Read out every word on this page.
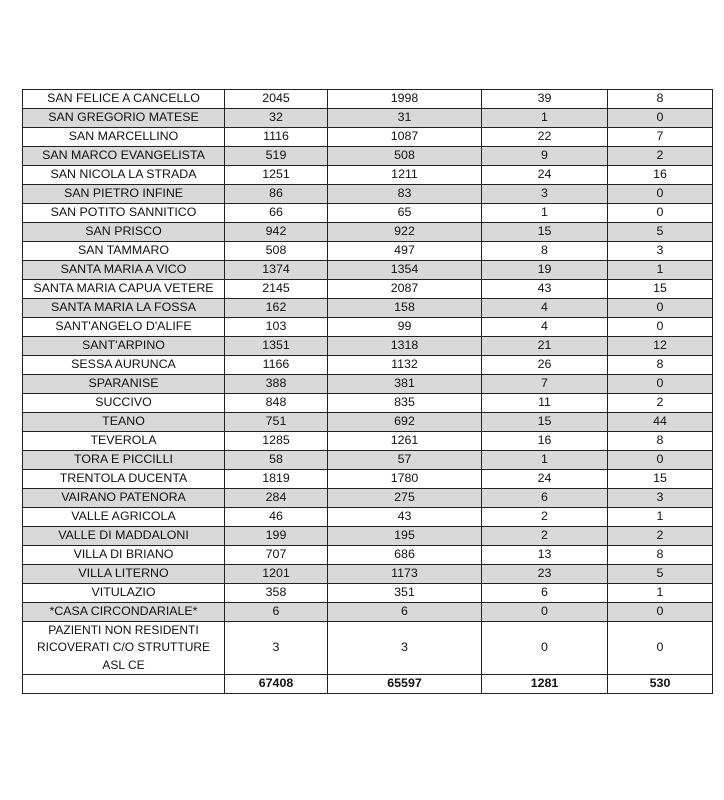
SAN FELICE A CANCELLO	2045	1998	39	8
SAN GREGORIO MATESE	32	31	1	0
SAN MARCELLINO	1116	1087	22	7
SAN MARCO EVANGELISTA	519	508	9	2
SAN NICOLA LA STRADA	1251	1211	24	16
SAN PIETRO INFINE	86	83	3	0
SAN POTITO SANNITICO	66	65	1	0
SAN PRISCO	942	922	15	5
SAN TAMMARO	508	497	8	3
SANTA MARIA A VICO	1374	1354	19	1
SANTA MARIA CAPUA VETERE	2145	2087	43	15
SANTA MARIA LA FOSSA	162	158	4	0
SANT'ANGELO D'ALIFE	103	99	4	0
SANT'ARPINO	1351	1318	21	12
SESSA AURUNCA	1166	1132	26	8
SPARANISE	388	381	7	0
SUCCIVO	848	835	11	2
TEANO	751	692	15	44
TEVEROLA	1285	1261	16	8
TORA E PICCILLI	58	57	1	0
TRENTOLA DUCENTA	1819	1780	24	15
VAIRANO PATENORA	284	275	6	3
VALLE AGRICOLA	46	43	2	1
VALLE DI MADDALONI	199	195	2	2
VILLA DI BRIANO	707	686	13	8
VILLA LITERNO	1201	1173	23	5
VITULAZIO	358	351	6	1
*CASA CIRCONDARIALE*	6	6	0	0
PAZIENTI NON RESIDENTI RICOVERATI C/O STRUTTURE ASL CE	3	3	0	0
	67408	65597	1281	530
